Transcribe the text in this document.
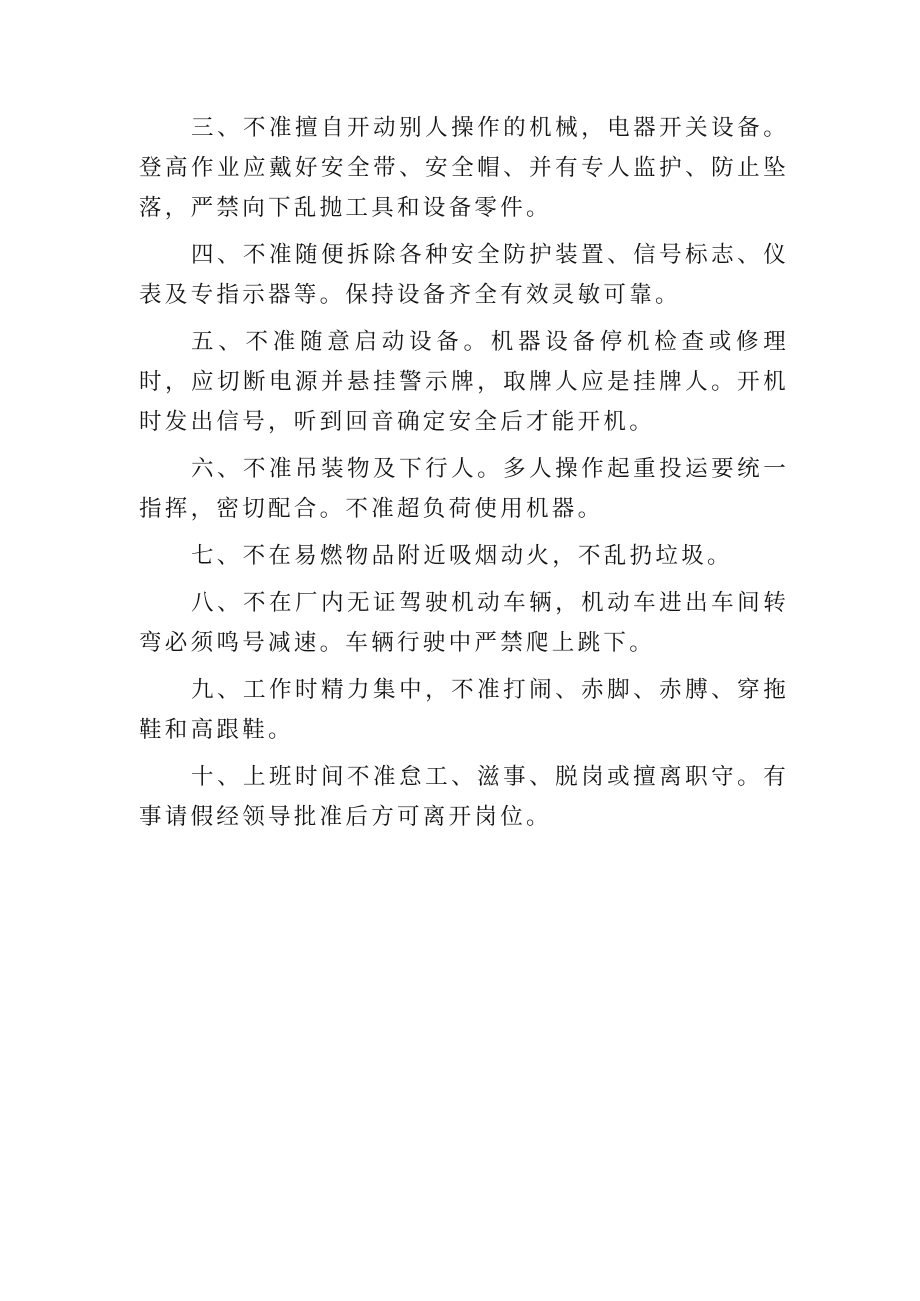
三、不准擅自开动别人操作的机械，电器开关设备。登高作业应戴好安全带、安全帽、并有专人监护、防止坠落，严禁向下乱抛工具和设备零件。

四、不准随便拆除各种安全防护装置、信号标志、仪表及专指示器等。保持设备齐全有效灵敏可靠。

五、不准随意启动设备。机器设备停机检查或修理时，应切断电源并悬挂警示牌，取牌人应是挂牌人。开机时发出信号，听到回音确定安全后才能开机。

六、不准吊装物及下行人。多人操作起重投运要统一指挥，密切配合。不准超负荷使用机器。

七、不在易燃物品附近吸烟动火，不乱扔垃圾。

八、不在厂内无证驾驶机动车辆，机动车进出车间转弯必须鸣号减速。车辆行驶中严禁爬上跳下。

九、工作时精力集中，不准打闹、赤脚、赤膊、穿拖鞋和高跟鞋。

十、上班时间不准怠工、滋事、脱岗或擅离职守。有事请假经领导批准后方可离开岗位。
